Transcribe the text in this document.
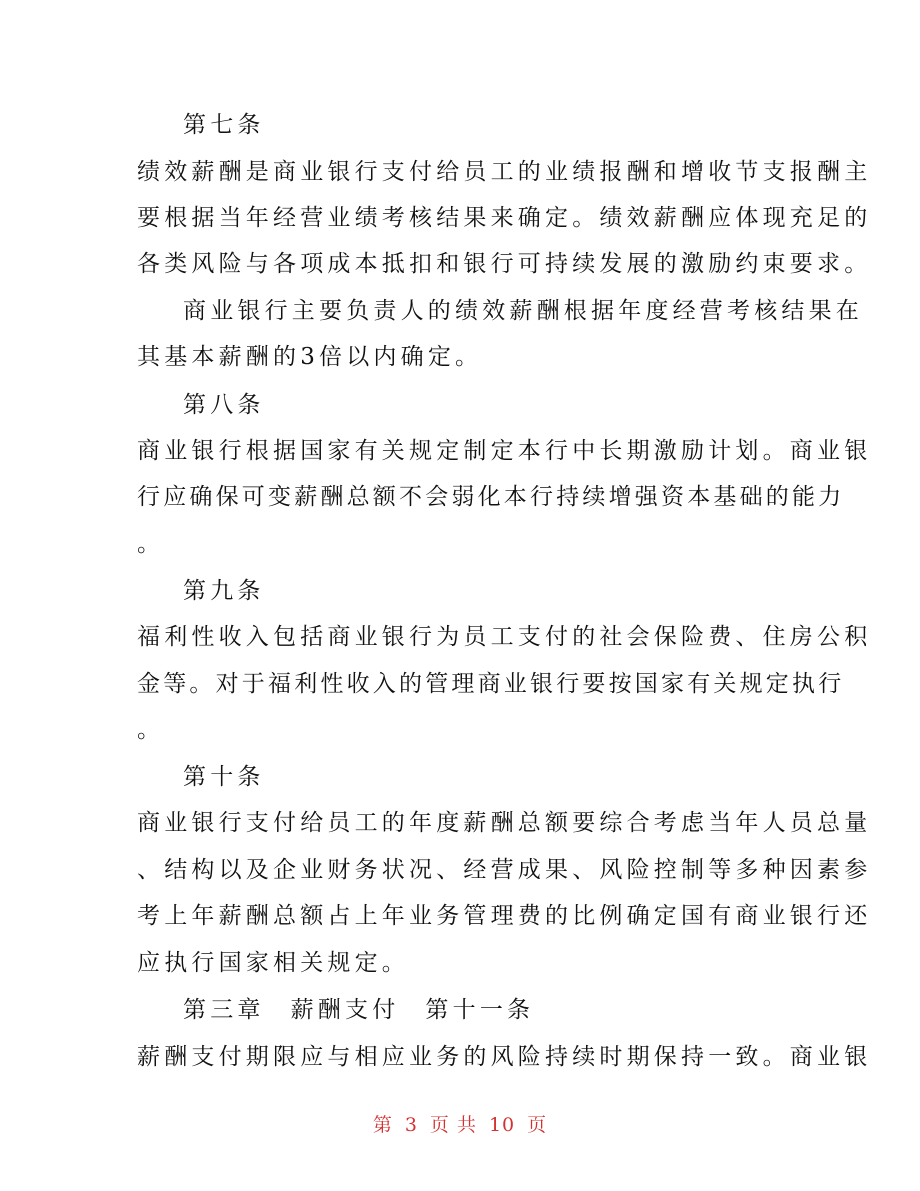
第七条
绩效薪酬是商业银行支付给员工的业绩报酬和增收节支报酬主
要根据当年经营业绩考核结果来确定。绩效薪酬应体现充足的
各类风险与各项成本抵扣和银行可持续发展的激励约束要求。
商业银行主要负责人的绩效薪酬根据年度经营考核结果在
其基本薪酬的3倍以内确定。
第八条
商业银行根据国家有关规定制定本行中长期激励计划。商业银
行应确保可变薪酬总额不会弱化本行持续增强资本基础的能力
。
第九条
福利性收入包括商业银行为员工支付的社会保险费、住房公积
金等。对于福利性收入的管理商业银行要按国家有关规定执行
。
第十条
商业银行支付给员工的年度薪酬总额要综合考虑当年人员总量
、结构以及企业财务状况、经营成果、风险控制等多种因素参
考上年薪酬总额占上年业务管理费的比例确定国有商业银行还
应执行国家相关规定。
第三章 薪酬支付 第十一条
薪酬支付期限应与相应业务的风险持续时期保持一致。商业银
第 3 页 共 10 页
